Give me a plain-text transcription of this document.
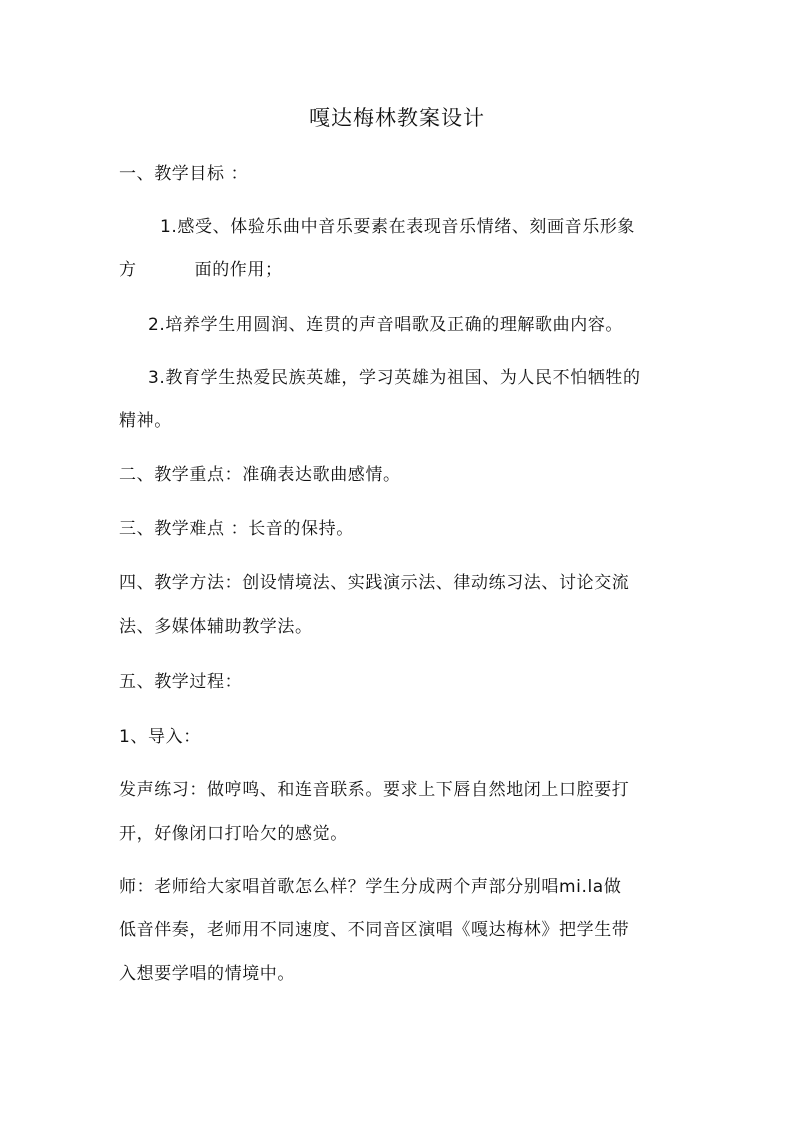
嘎达梅林教案设计
一、教学目标 ：
1.感受、体验乐曲中音乐要素在表现音乐情绪、刻画音乐形象
方	面的作用；
2.培养学生用圆润、连贯的声音唱歌及正确的理解歌曲内容。
3.教育学生热爱民族英雄，学习英雄为祖国、为人民不怕牺牲的
精神。
二、教学重点：准确表达歌曲感情。
三、教学难点 ：长音的保持。
四、教学方法：创设情境法、实践演示法、律动练习法、讨论交流
法、多媒体辅助教学法。
五、教学过程：
1、导入：
发声练习：做哼鸣、和连音联系。要求上下唇自然地闭上口腔要打
开，好像闭口打哈欠的感觉。
师：老师给大家唱首歌怎么样？学生分成两个声部分别唱mi.la做
低音伴奏，老师用不同速度、不同音区演唱《嘎达梅林》把学生带
入想要学唱的情境中。
